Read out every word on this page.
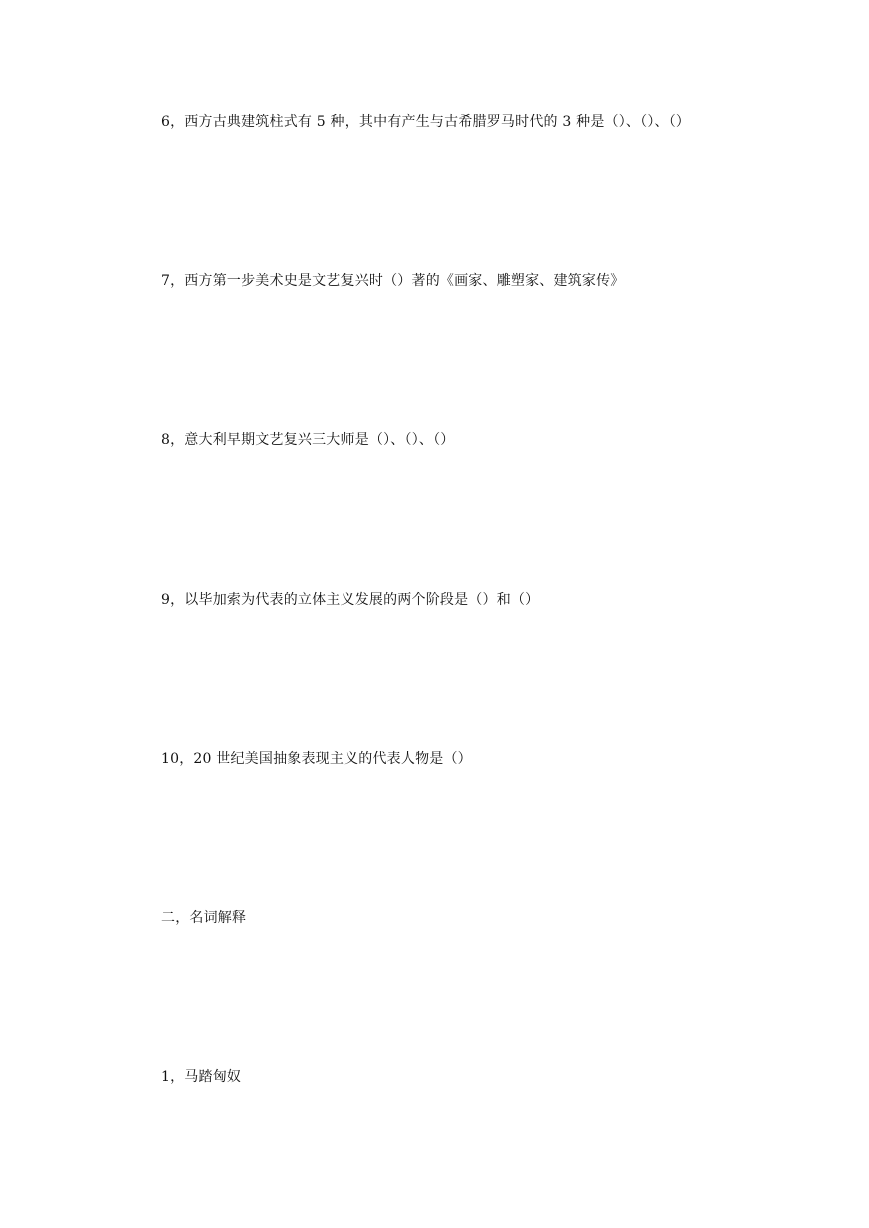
6，西方古典建筑柱式有 5 种，其中有产生与古希腊罗马时代的 3 种是（）、（）、（）
7，西方第一步美术史是文艺复兴时（）著的《画家、雕塑家、建筑家传》
8，意大利早期文艺复兴三大师是（）、（）、（）
9，以毕加索为代表的立体主义发展的两个阶段是（）和（）
10，20 世纪美国抽象表现主义的代表人物是（）
二，名词解释
1，马踏匈奴
